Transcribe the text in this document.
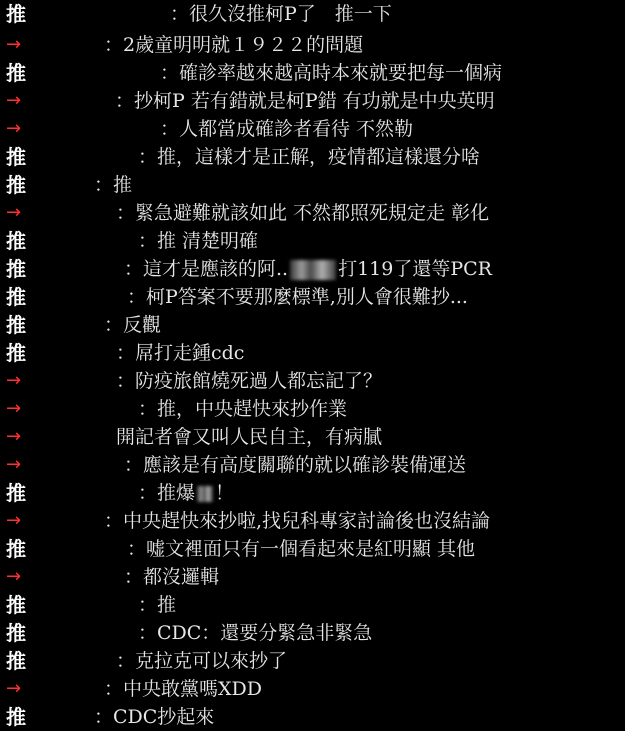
推	：很久沒推柯P了　推一下
→	：2歲童明明就１９２２的問題
推	：確診率越來越高時本來就要把每一個病
→	：抄柯P 若有錯就是柯P錯 有功就是中央英明
→	：人都當成確診者看待 不然勒
推	：推，這樣才是正解，疫情都這樣還分啥
推	：推
→	：緊急避難就該如此 不然都照死規定走 彰化
推	：推 清楚明確
推	：這才是應該的阿..	打119了還等PCR
推	：柯P答案不要那麼標準,別人會很難抄...
推	：反觀
推	：屌打走鍾cdc
→	：防疫旅館燒死過人都忘記了？
→	：推，中央趕快來抄作業
→	開記者會又叫人民自主，有病膩
→	：應該是有高度關聯的就以確診裝備運送
推	：推爆 ！
→	：中央趕快來抄啦,找兒科專家討論後也沒結論
推	：嘘文裡面只有一個看起來是紅明顯 其他
→	：都沒邏輯
推	：推
推	：CDC：還要分緊急非緊急
推	：克拉克可以來抄了
→	：中央敢黨嗎XDD
推	：CDC抄起來
